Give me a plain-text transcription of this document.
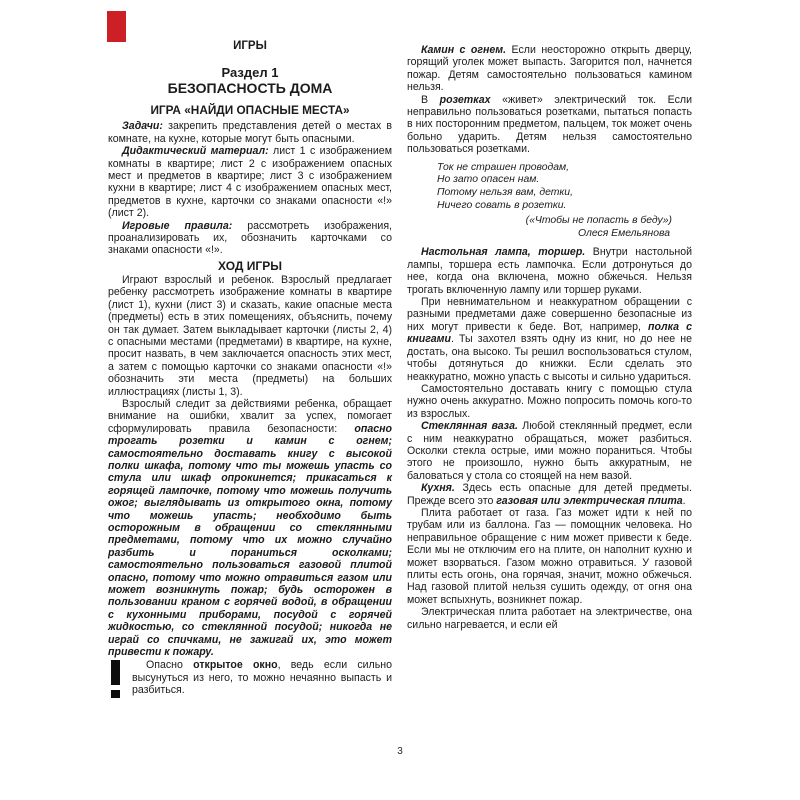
ИГРЫ
Раздел 1
БЕЗОПАСНОСТЬ ДОМА
ИГРА «НАЙДИ ОПАСНЫЕ МЕСТА»

Задачи: закрепить представления детей о местах в комнате, на кухне, которые могут быть опасными.

Дидактический материал: лист 1 с изображением комнаты в квартире; лист 2 с изображением опасных мест и предметов в квартире; лист 3 с изображением кухни в квартире; лист 4 с изображением опасных мест, предметов в кухне, карточки со знаками опасности «!» (лист 2).

Игровые правила: рассмотреть изображения, проанализировать их, обозначить карточками со знаками опасности «!».

ХОД ИГРЫ

Играют взрослый и ребенок. Взрослый предлагает ребенку рассмотреть изображение комнаты в квартире (лист 1), кухни (лист 3) и сказать, какие опасные места (предметы) есть в этих помещениях, объяснить, почему он так думает. Затем выкладывает карточки (листы 2, 4) с опасными местами (предметами) в квартире, на кухне, просит назвать, в чем заключается опасность этих мест, а затем с помощью карточки со знаками опасности «!» обозначить эти места (предметы) на больших иллюстрациях (листы 1, 3).

Взрослый следит за действиями ребенка, обращает внимание на ошибки, хвалит за успех, помогает сформулировать правила безопасности: опасно трогать розетки и камин с огнем; самостоятельно доставать книгу с высокой полки шкафа, потому что ты можешь упасть со стула или шкаф опрокинется; прикасаться к горящей лампочке, потому что можешь получить ожог; выглядывать из открытого окна, потому что можешь упасть; необходимо быть осторожным в обращении со стеклянными предметами, потому что их можно случайно разбить и пораниться осколками; самостоятельно пользоваться газовой плитой опасно, потому что можно отравиться газом или может возникнуть пожар; будь осторожен в пользовании краном с горячей водой, в обращении с кухонными приборами, посудой с горячей жидкостью, со стеклянной посудой; никогда не играй со спичками, не зажигай их, это может привести к пожару.

Опасно открытое окно, ведь если сильно высунуться из него, то можно нечаянно выпасть и разбиться.

Камин с огнем. Если неосторожно открыть дверцу, горящий уголек может выпасть. Загорится пол, начнется пожар. Детям самостоятельно пользоваться камином нельзя.

В розетках «живет» электрический ток. Если неправильно пользоваться розетками, пытаться попасть в них посторонним предметом, пальцем, ток может очень больно ударить. Детям нельзя самостоятельно пользоваться розетками.

Ток не страшен проводам,
Но зато опасен нам.
Потому нельзя вам, детки,
Ничего совать в розетки.
(«Чтобы не попасть в беду»)
Олеся Емельянова

Настольная лампа, торшер. Внутри настольной лампы, торшера есть лампочка. Если дотронуться до нее, когда она включена, можно обжечься. Нельзя трогать включенную лампу или торшер руками.

При невнимательном и неаккуратном обращении с разными предметами даже совершенно безопасные из них могут привести к беде. Вот, например, полка с книгами. Ты захотел взять одну из книг, но до нее не достать, она высоко. Ты решил воспользоваться стулом, чтобы дотянуться до книжки. Если сделать это неаккуратно, можно упасть с высоты и сильно удариться.

Самостоятельно доставать книгу с помощью стула нужно очень аккуратно. Можно попросить помочь кого-то из взрослых.

Стеклянная ваза. Любой стеклянный предмет, если с ним неаккуратно обращаться, может разбиться. Осколки стекла острые, ими можно пораниться. Чтобы этого не произошло, нужно быть аккуратным, не баловаться у стола со стоящей на нем вазой.

Кухня. Здесь есть опасные для детей предметы. Прежде всего это газовая или электрическая плита.

Плита работает от газа. Газ может идти к ней по трубам или из баллона. Газ — помощник человека. Но неправильное обращение с ним может привести к беде. Если мы не отключим его на плите, он наполнит кухню и может взорваться. Газом можно отравиться. У газовой плиты есть огонь, она горячая, значит, можно обжечься. Над газовой плитой нельзя сушить одежду, от огня она может вспыхнуть, возникнет пожар.

Электрическая плита работает на электричестве, она сильно нагревается, и если ей

3
